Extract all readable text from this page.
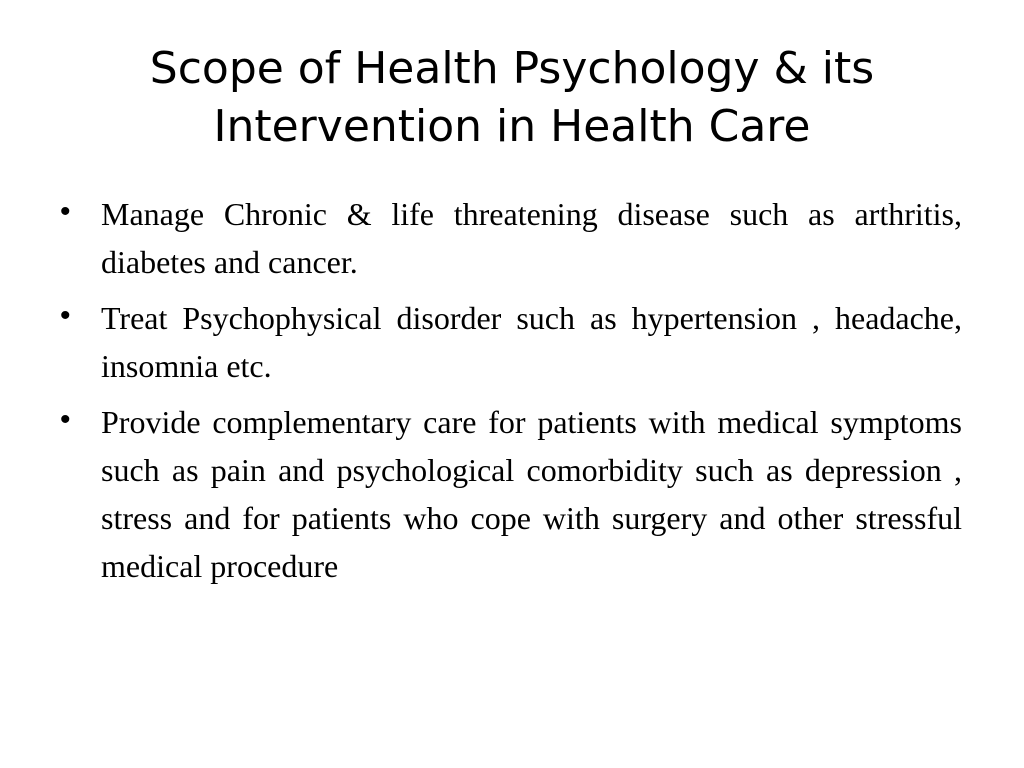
Scope of Health Psychology & its
Intervention in Health Care
• Manage Chronic & life threatening disease such as arthritis, diabetes and cancer.
• Treat Psychophysical disorder such as hypertension , headache, insomnia etc.
• Provide complementary care for patients with medical symptoms such as pain and psychological comorbidity such as depression , stress and for patients who cope with surgery and other stressful medical procedure
